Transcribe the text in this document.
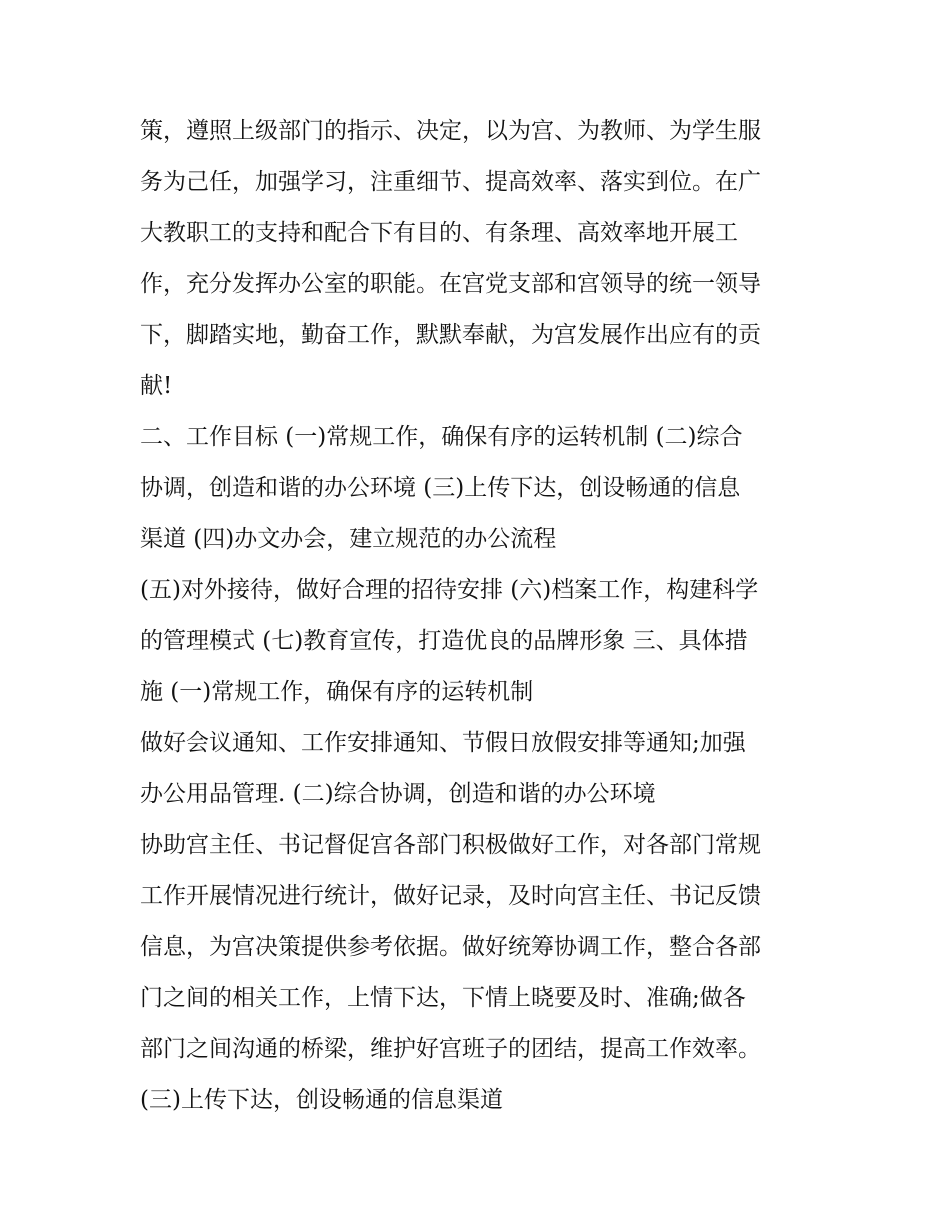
策，遵照上级部门的指示、决定，以为宫、为教师、为学生服
务为己任，加强学习，注重细节、提高效率、落实到位。在广
大教职工的支持和配合下有目的、有条理、高效率地开展工
作，充分发挥办公室的职能。在宫党支部和宫领导的统一领导
下，脚踏实地，勤奋工作，默默奉献，为宫发展作出应有的贡
献!
二、工作目标 (一)常规工作，确保有序的运转机制 (二)综合
协调，创造和谐的办公环境 (三)上传下达，创设畅通的信息
渠道 (四)办文办会，建立规范的办公流程
(五)对外接待，做好合理的招待安排 (六)档案工作，构建科学
的管理模式 (七)教育宣传，打造优良的品牌形象 三、具体措
施 (一)常规工作，确保有序的运转机制
做好会议通知、工作安排通知、节假日放假安排等通知;加强
办公用品管理. (二)综合协调，创造和谐的办公环境
协助宫主任、书记督促宫各部门积极做好工作，对各部门常规
工作开展情况进行统计，做好记录，及时向宫主任、书记反馈
信息，为宫决策提供参考依据。做好统筹协调工作，整合各部
门之间的相关工作，上情下达，下情上晓要及时、准确;做各
部门之间沟通的桥梁，维护好宫班子的团结，提高工作效率。
(三)上传下达，创设畅通的信息渠道
